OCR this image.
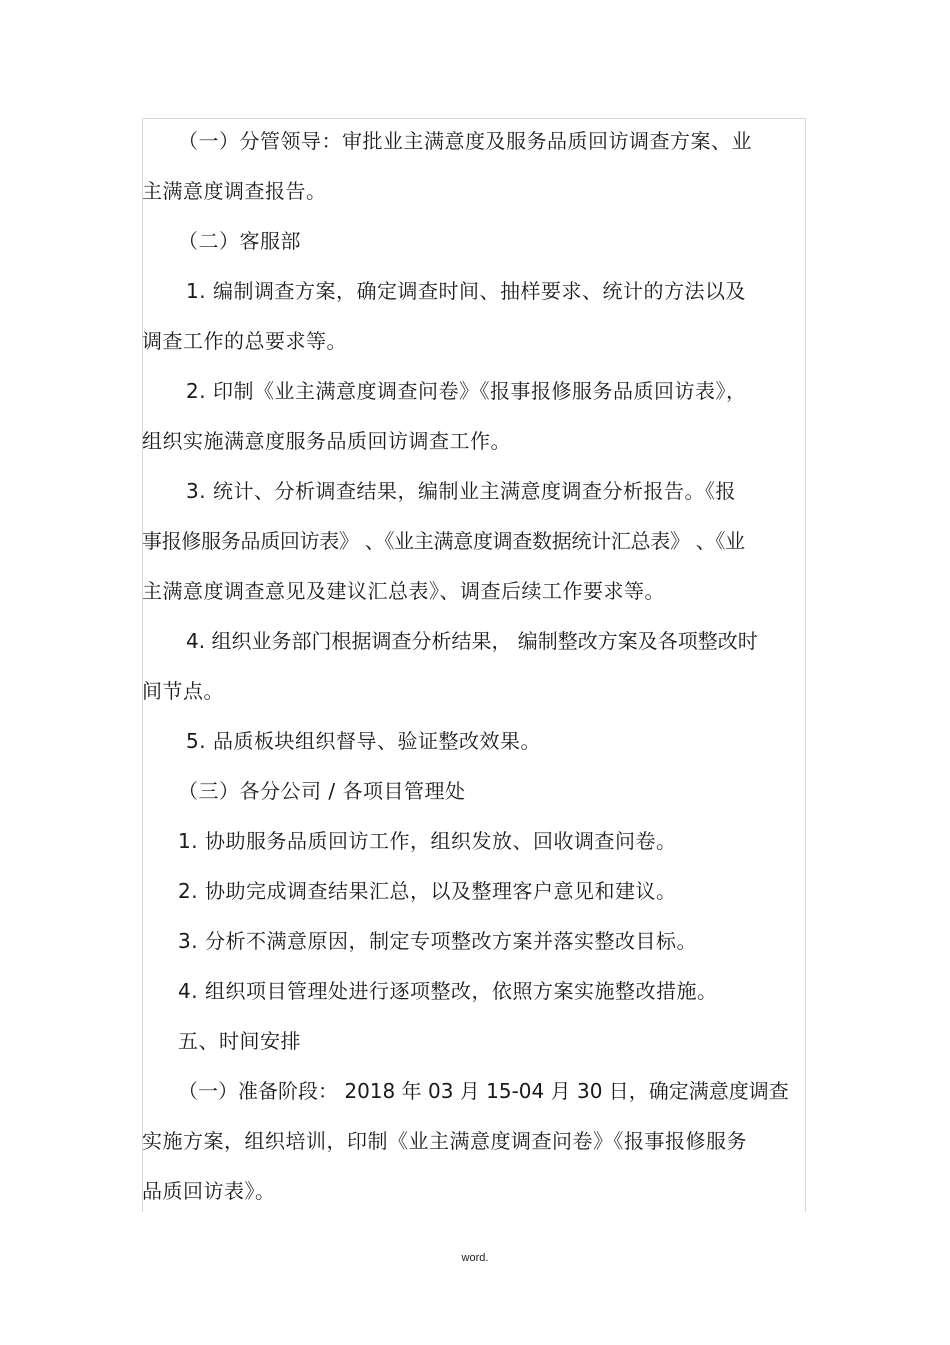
（一）分管领导：审批业主满意度及服务品质回访调查方案、业
主满意度调查报告。
（二）客服部
1. 编制调查方案，确定调查时间、抽样要求、统计的方法以及
调查工作的总要求等。
2. 印制《业主满意度调查问卷》《报事报修服务品质回访表》，
组织实施满意度服务品质回访调查工作。
3. 统计、分析调查结果，编制业主满意度调查分析报告。《报
事报修服务品质回访表》 、《业主满意度调查数据统计汇总表》 、《业
主满意度调查意见及建议汇总表》、调查后续工作要求等。
4. 组织业务部门根据调查分析结果， 编制整改方案及各项整改时
间节点。
5. 品质板块组织督导、验证整改效果。
（三）各分公司 / 各项目管理处
1. 协助服务品质回访工作，组织发放、回收调查问卷。
2. 协助完成调查结果汇总，以及整理客户意见和建议。
3. 分析不满意原因，制定专项整改方案并落实整改目标。
4. 组织项目管理处进行逐项整改，依照方案实施整改措施。
五、时间安排
（一）准备阶段： 2018 年 03 月 15-04 月 30 日，确定满意度调查
实施方案，组织培训，印制《业主满意度调查问卷》《报事报修服务
品质回访表》。
word.
